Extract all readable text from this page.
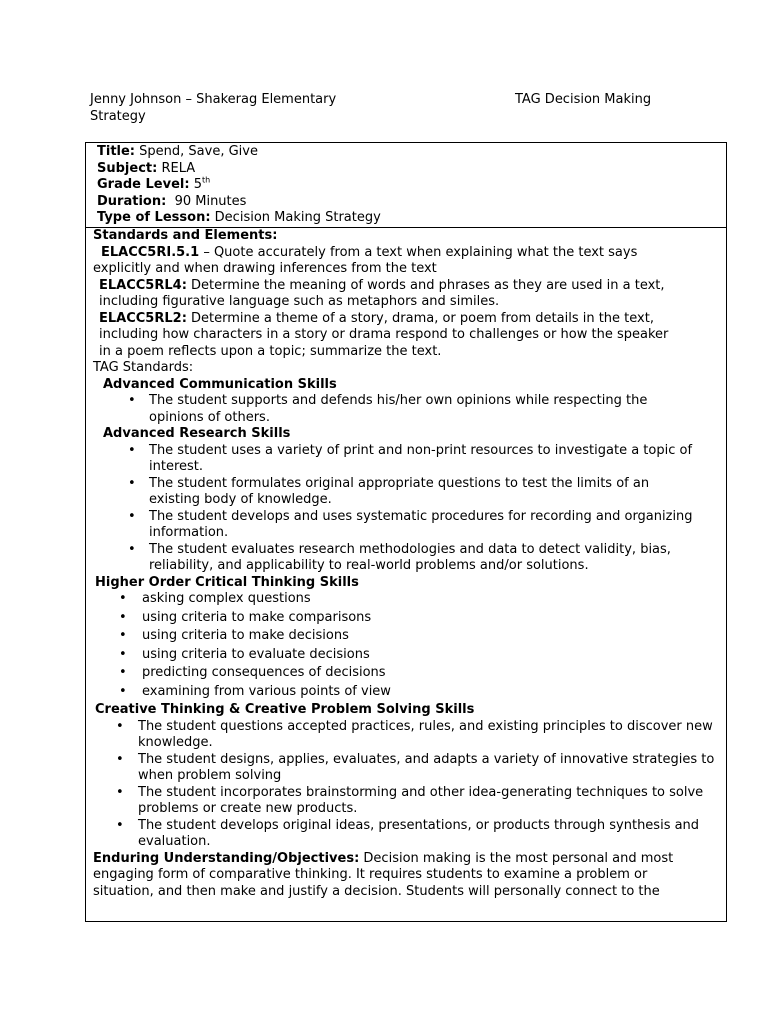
Jenny Johnson – Shakerag Elementary	TAG Decision Making
Strategy
Title: Spend, Save, Give
Subject: RELA
Grade Level: 5th
Duration: 90 Minutes
Type of Lesson: Decision Making Strategy
Standards and Elements:
ELACC5RI.5.1 – Quote accurately from a text when explaining what the text says
explicitly and when drawing inferences from the text
ELACC5RL4: Determine the meaning of words and phrases as they are used in a text,
including figurative language such as metaphors and similes.
ELACC5RL2: Determine a theme of a story, drama, or poem from details in the text,
including how characters in a story or drama respond to challenges or how the speaker
in a poem reflects upon a topic; summarize the text.
TAG Standards:
Advanced Communication Skills
• The student supports and defends his/her own opinions while respecting the opinions of others.
Advanced Research Skills
• The student uses a variety of print and non-print resources to investigate a topic of interest.
• The student formulates original appropriate questions to test the limits of an existing body of knowledge.
• The student develops and uses systematic procedures for recording and organizing information.
• The student evaluates research methodologies and data to detect validity, bias, reliability, and applicability to real-world problems and/or solutions.
Higher Order Critical Thinking Skills
• asking complex questions
• using criteria to make comparisons
• using criteria to make decisions
• using criteria to evaluate decisions
• predicting consequences of decisions
• examining from various points of view
Creative Thinking & Creative Problem Solving Skills
• The student questions accepted practices, rules, and existing principles to discover new knowledge.
• The student designs, applies, evaluates, and adapts a variety of innovative strategies to when problem solving
• The student incorporates brainstorming and other idea-generating techniques to solve problems or create new products.
• The student develops original ideas, presentations, or products through synthesis and evaluation.
Enduring Understanding/Objectives: Decision making is the most personal and most
engaging form of comparative thinking. It requires students to examine a problem or
situation, and then make and justify a decision. Students will personally connect to the
